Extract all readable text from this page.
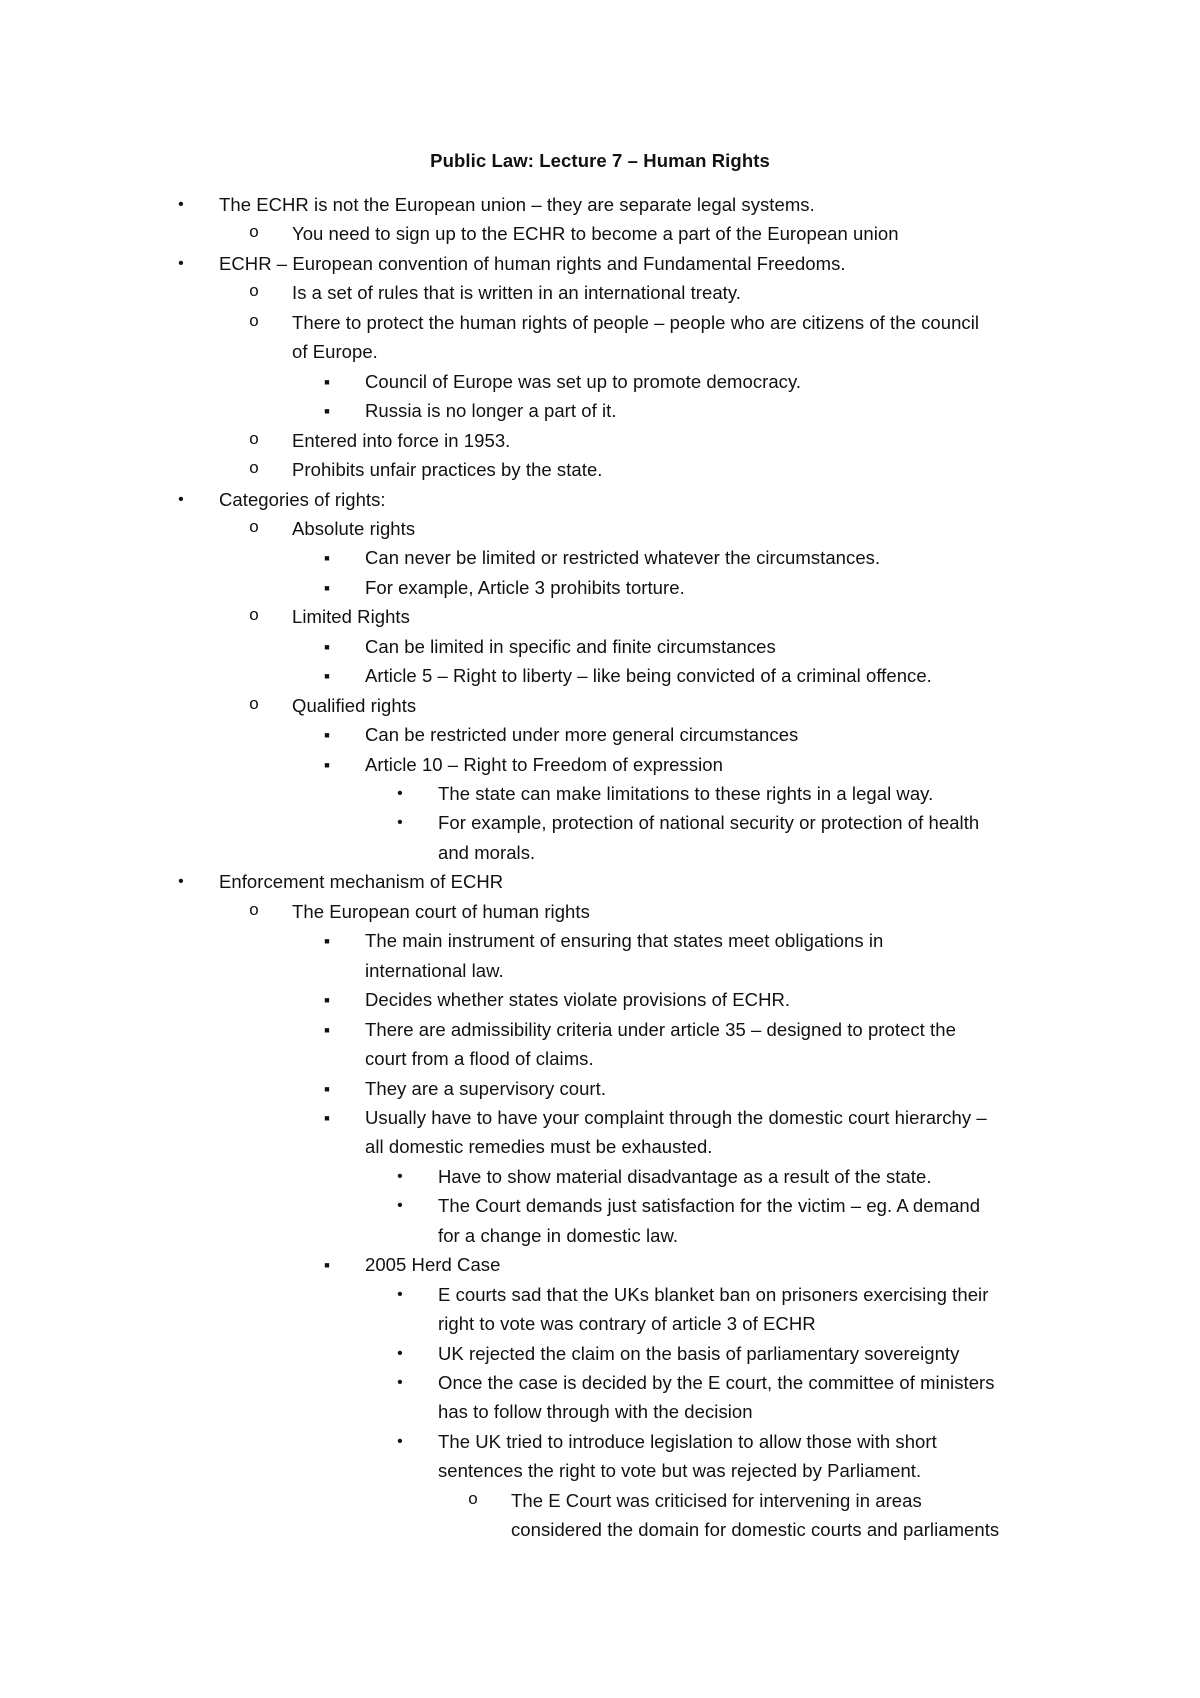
Public Law: Lecture 7 – Human Rights
• The ECHR is not the European union – they are separate legal systems.
o You need to sign up to the ECHR to become a part of the European union
• ECHR – European convention of human rights and Fundamental Freedoms.
o Is a set of rules that is written in an international treaty.
o There to protect the human rights of people – people who are citizens of the council
of Europe.
■ Council of Europe was set up to promote democracy.
■ Russia is no longer a part of it.
o Entered into force in 1953.
o Prohibits unfair practices by the state.
• Categories of rights:
o Absolute rights
■ Can never be limited or restricted whatever the circumstances.
■ For example, Article 3 prohibits torture.
o Limited Rights
■ Can be limited in specific and finite circumstances
■ Article 5 – Right to liberty – like being convicted of a criminal offence.
o Qualified rights
■ Can be restricted under more general circumstances
■ Article 10 – Right to Freedom of expression
• The state can make limitations to these rights in a legal way.
• For example, protection of national security or protection of health
and morals.
• Enforcement mechanism of ECHR
o The European court of human rights
■ The main instrument of ensuring that states meet obligations in
international law.
■ Decides whether states violate provisions of ECHR.
■ There are admissibility criteria under article 35 – designed to protect the
court from a flood of claims.
■ They are a supervisory court.
■ Usually have to have your complaint through the domestic court hierarchy –
all domestic remedies must be exhausted.
• Have to show material disadvantage as a result of the state.
• The Court demands just satisfaction for the victim – eg. A demand
for a change in domestic law.
■ 2005 Herd Case
• E courts sad that the UKs blanket ban on prisoners exercising their
right to vote was contrary of article 3 of ECHR
• UK rejected the claim on the basis of parliamentary sovereignty
• Once the case is decided by the E court, the committee of ministers
has to follow through with the decision
• The UK tried to introduce legislation to allow those with short
sentences the right to vote but was rejected by Parliament.
o The E Court was criticised for intervening in areas
considered the domain for domestic courts and parliaments
